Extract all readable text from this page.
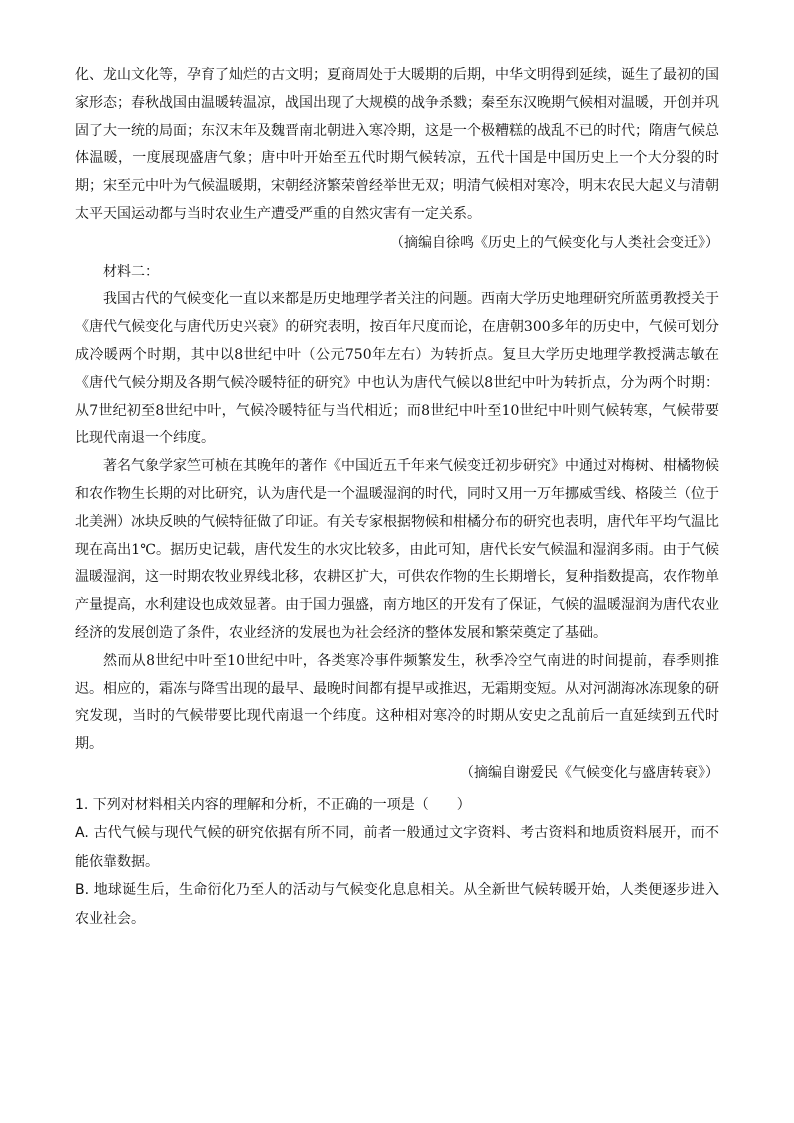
化、龙山文化等，孕育了灿烂的古文明；夏商周处于大暖期的后期，中华文明得到延续，诞生了最初的国家形态；春秋战国由温暖转温凉，战国出现了大规模的战争杀戮；秦至东汉晚期气候相对温暖，开创并巩固了大一统的局面；东汉末年及魏晋南北朝进入寒冷期，这是一个极糟糕的战乱不已的时代；隋唐气候总体温暖，一度展现盛唐气象；唐中叶开始至五代时期气候转凉，五代十国是中国历史上一个大分裂的时期；宋至元中叶为气候温暖期，宋朝经济繁荣曾经举世无双；明清气候相对寒冷，明末农民大起义与清朝太平天国运动都与当时农业生产遭受严重的自然灾害有一定关系。

（摘编自徐鸣《历史上的气候变化与人类社会变迁》）

材料二：

我国古代的气候变化一直以来都是历史地理学者关注的问题。西南大学历史地理研究所蓝勇教授关于《唐代气候变化与唐代历史兴衰》的研究表明，按百年尺度而论，在唐朝300多年的历史中，气候可划分成冷暖两个时期，其中以8世纪中叶（公元750年左右）为转折点。复旦大学历史地理学教授满志敏在《唐代气候分期及各期气候冷暖特征的研究》中也认为唐代气候以8世纪中叶为转折点，分为两个时期：从7世纪初至8世纪中叶，气候冷暖特征与当代相近；而8世纪中叶至10世纪中叶则气候转寒，气候带要比现代南退一个纬度。

著名气象学家竺可桢在其晚年的著作《中国近五千年来气候变迁初步研究》中通过对梅树、柑橘物候和农作物生长期的对比研究，认为唐代是一个温暖湿润的时代，同时又用一万年挪威雪线、格陵兰（位于北美洲）冰块反映的气候特征做了印证。有关专家根据物候和柑橘分布的研究也表明，唐代年平均气温比现在高出1℃。据历史记载，唐代发生的水灾比较多，由此可知，唐代长安气候温和湿润多雨。由于气候温暖湿润，这一时期农牧业界线北移，农耕区扩大，可供农作物的生长期增长，复种指数提高，农作物单产量提高，水利建设也成效显著。由于国力强盛，南方地区的开发有了保证，气候的温暖湿润为唐代农业经济的发展创造了条件，农业经济的发展也为社会经济的整体发展和繁荣奠定了基础。

然而从8世纪中叶至10世纪中叶，各类寒冷事件频繁发生，秋季冷空气南进的时间提前，春季则推迟。相应的，霜冻与降雪出现的最早、最晚时间都有提早或推迟，无霜期变短。从对河湖海冰冻现象的研究发现，当时的气候带要比现代南退一个纬度。这种相对寒冷的时期从安史之乱前后一直延续到五代时期。

（摘编自谢爱民《气候变化与盛唐转衰》）

1. 下列对材料相关内容的理解和分析，不正确的一项是（　　）

A. 古代气候与现代气候的研究依据有所不同，前者一般通过文字资料、考古资料和地质资料展开，而不能依靠数据。

B. 地球诞生后，生命衍化乃至人的活动与气候变化息息相关。从全新世气候转暖开始，人类便逐步进入农业社会。
